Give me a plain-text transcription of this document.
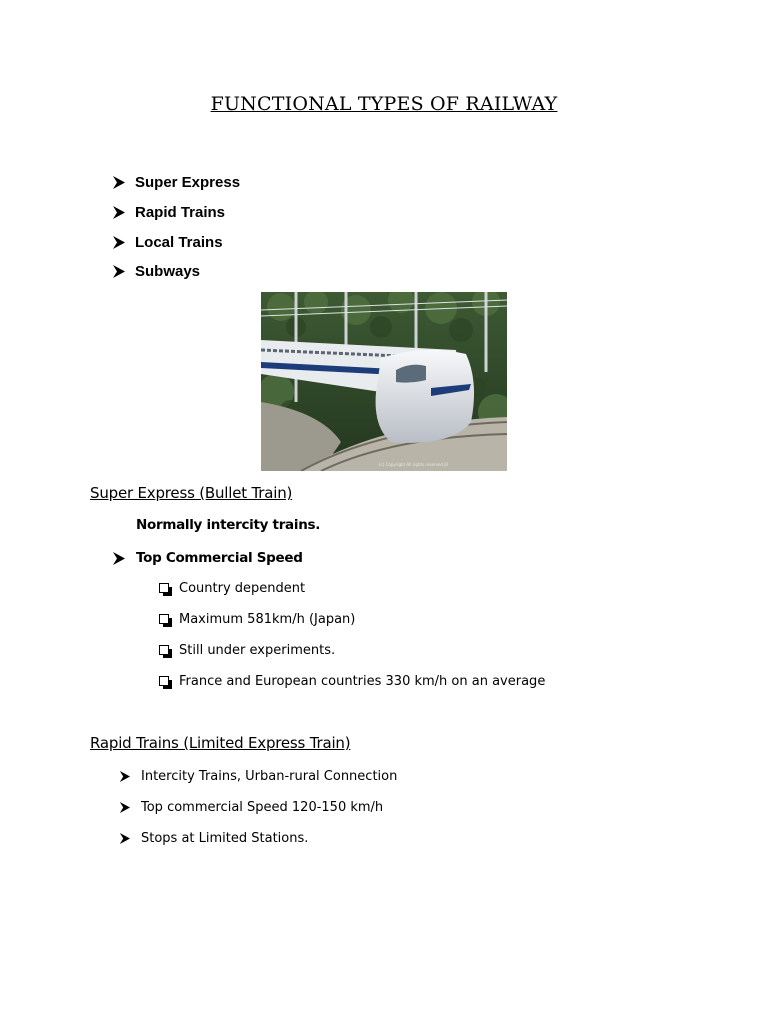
FUNCTIONAL TYPES OF RAILWAY
Super Express
Rapid Trains
Local Trains
Subways
(c) Copyright All rights reserved JR
Super Express (Bullet Train)
Normally intercity trains.
Top Commercial Speed
Country dependent
Maximum 581km/h (Japan)
Still under experiments.
France and European countries 330 km/h on an average
Rapid Trains (Limited Express Train)
Intercity Trains, Urban-rural Connection
Top commercial Speed 120-150 km/h
Stops at Limited Stations.
